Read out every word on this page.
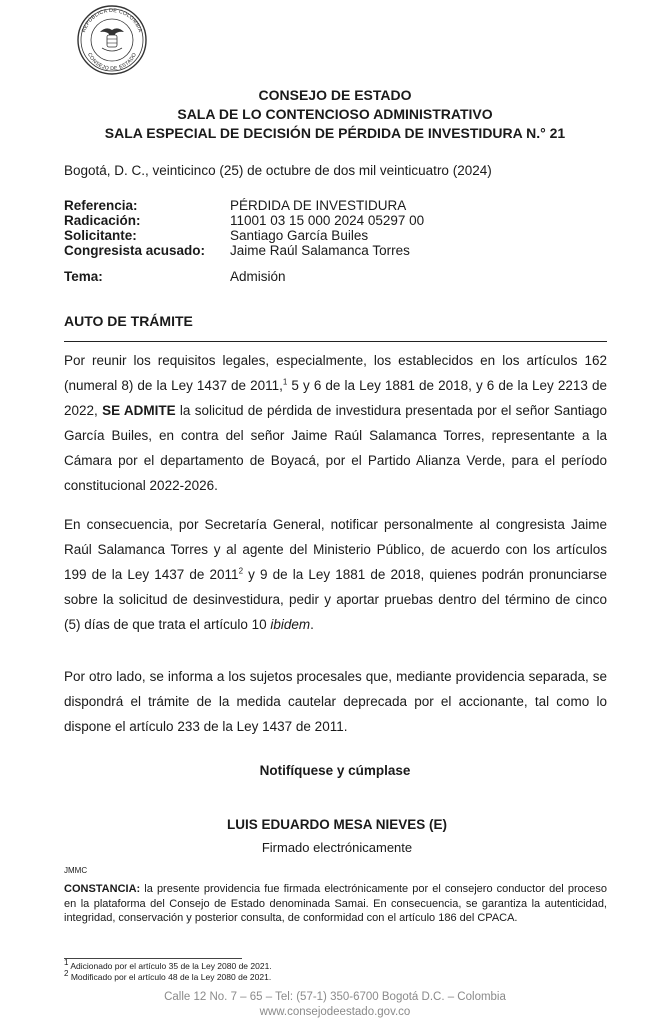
REPÚBLICA DE COLOMBIA
CONSEJO DE ESTADO
CONSEJO DE ESTADO
SALA DE LO CONTENCIOSO ADMINISTRATIVO
SALA ESPECIAL DE DECISIÓN DE PÉRDIDA DE INVESTIDURA N.° 21
Bogotá, D. C., veinticinco (25) de octubre de dos mil veinticuatro (2024)
Referencia:	PÉRDIDA DE INVESTIDURA
Radicación:	11001 03 15 000 2024 05297 00
Solicitante:	Santiago García Builes
Congresista acusado:	Jaime Raúl Salamanca Torres
Tema:	Admisión
AUTO DE TRÁMITE
Por reunir los requisitos legales, especialmente, los establecidos en los artículos 162 (numeral 8) de la Ley 1437 de 2011,$^1$ 5 y 6 de la Ley 1881 de 2018, y 6 de la Ley 2213 de 2022, SE ADMITE la solicitud de pérdida de investidura presentada por el señor Santiago García Builes, en contra del señor Jaime Raúl Salamanca Torres, representante a la Cámara por el departamento de Boyacá, por el Partido Alianza Verde, para el período constitucional 2022-2026.
En consecuencia, por Secretaría General, notificar personalmente al congresista Jaime Raúl Salamanca Torres y al agente del Ministerio Público, de acuerdo con los artículos 199 de la Ley 1437 de 2011$^2$ y 9 de la Ley 1881 de 2018, quienes podrán pronunciarse sobre la solicitud de desinvestidura, pedir y aportar pruebas dentro del término de cinco (5) días de que trata el artículo 10 ibidem.
Por otro lado, se informa a los sujetos procesales que, mediante providencia separada, se dispondrá el trámite de la medida cautelar deprecada por el accionante, tal como lo dispone el artículo 233 de la Ley 1437 de 2011.
Notifíquese y cúmplase
LUIS EDUARDO MESA NIEVES (E)
Firmado electrónicamente
JMMC
CONSTANCIA: la presente providencia fue firmada electrónicamente por el consejero conductor del proceso en la plataforma del Consejo de Estado denominada Samai. En consecuencia, se garantiza la autenticidad, integridad, conservación y posterior consulta, de conformidad con el artículo 186 del CPACA.
$^1$ Adicionado por el artículo 35 de la Ley 2080 de 2021.
$^2$ Modificado por el artículo 48 de la Ley 2080 de 2021.
Calle 12 No. 7 – 65 – Tel: (57-1) 350-6700 Bogotá D.C. – Colombia
www.consejodeestado.gov.co
